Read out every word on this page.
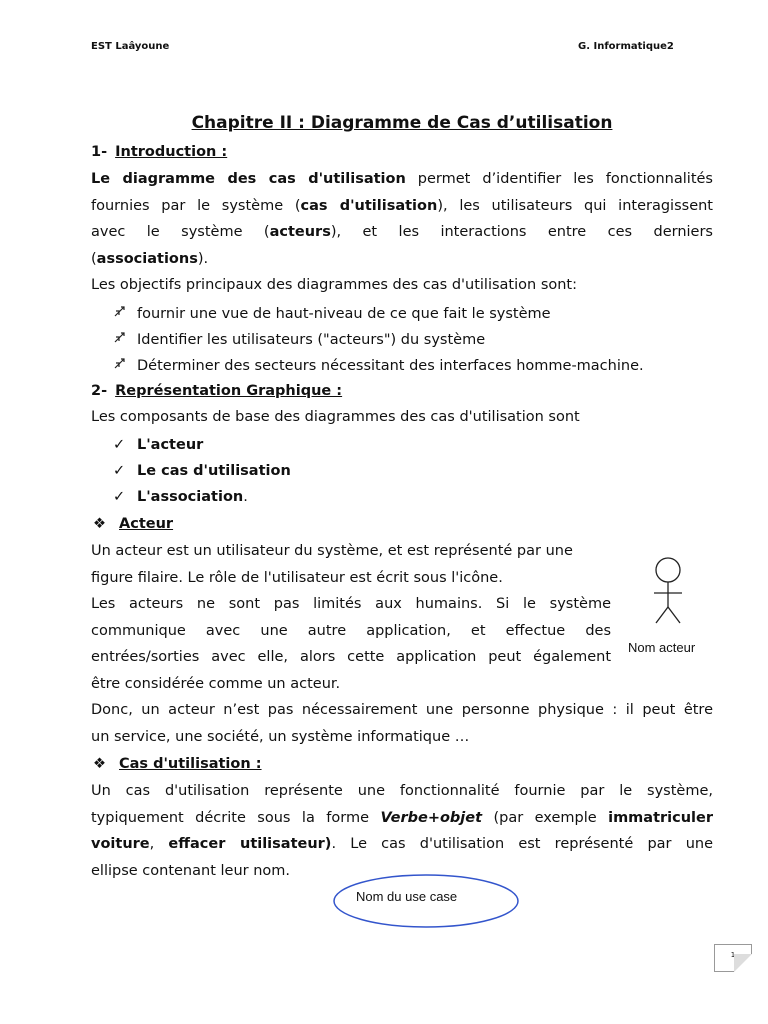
EST Laâyoune	G. Informatique2
Chapitre II : Diagramme de Cas d’utilisation
1- Introduction :
Le diagramme des cas d'utilisation permet d’identifier les fonctionnalités
fournies par le système (cas d'utilisation), les utilisateurs qui interagissent
avec le système (acteurs), et les interactions entre ces derniers
(associations).
Les objectifs principaux des diagrammes des cas d'utilisation sont:
fournir une vue de haut-niveau de ce que fait le système
Identifier les utilisateurs ("acteurs") du système
Déterminer des secteurs nécessitant des interfaces homme-machine.
2- Représentation Graphique :
Les composants de base des diagrammes des cas d'utilisation sont
✓ L'acteur
✓ Le cas d'utilisation
✓ L'association.
❖ Acteur
Un acteur est un utilisateur du système, et est représenté par une
figure filaire. Le rôle de l'utilisateur est écrit sous l'icône.
Les acteurs ne sont pas limités aux humains. Si le système
communique avec une autre application, et effectue des
entrées/sorties avec elle, alors cette application peut également
être considérée comme un acteur.
Donc, un acteur n’est pas nécessairement une personne physique : il peut être
un service, une société, un système informatique …
Nom acteur
❖ Cas d'utilisation :
Un cas d'utilisation représente une fonctionnalité fournie par le système,
typiquement décrite sous la forme Verbe+objet (par exemple immatriculer
voiture, effacer utilisateur). Le cas d'utilisation est représenté par une
ellipse contenant leur nom.
Nom du use case
1
